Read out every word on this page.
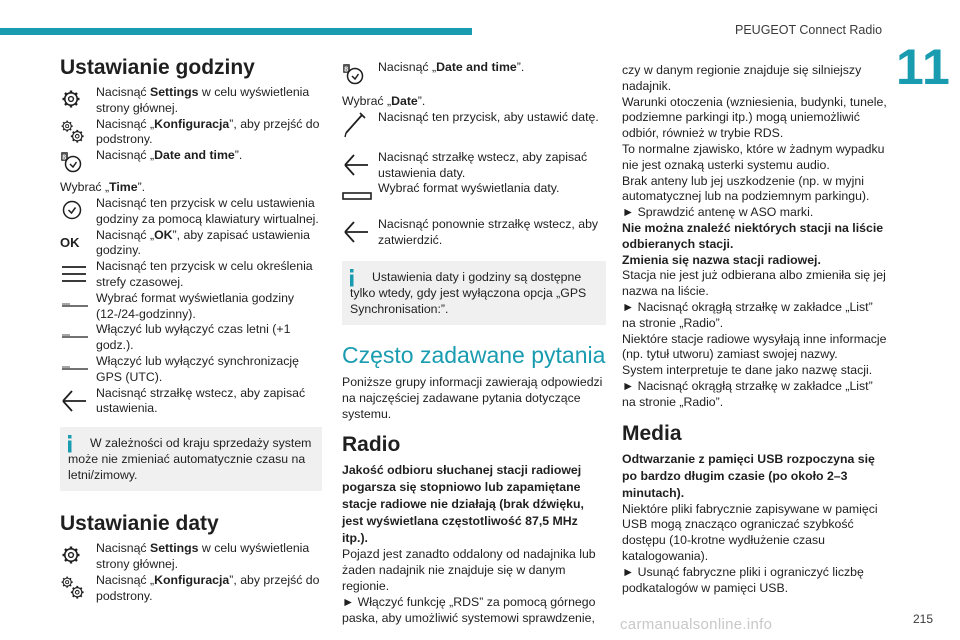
PEUGEOT Connect Radio
11
carmanualsonline.info	215
Ustawianie godziny
Nacisnąć Settings w celu wyświetlenia strony głównej.
Nacisnąć „Konfiguracja”, aby przejść do podstrony.
Nacisnąć „Date and time”.

Wybrać „Time”.

Nacisnąć ten przycisk w celu ustawienia godziny za pomocą klawiatury wirtualnej.
OK
Nacisnąć „OK”, aby zapisać ustawienia godziny.
Nacisnąć ten przycisk w celu określenia strefy czasowej.
Wybrać format wyświetlania godziny (12-/24-godzinny).
Włączyć lub wyłączyć czas letni (+1 godz.).
Włączyć lub wyłączyć synchronizację GPS (UTC).
Nacisnąć strzałkę wstecz, aby zapisać ustawienia.
W zależności od kraju sprzedaży system może nie zmieniać automatycznie czasu na letni/zimowy.
Ustawianie daty
Nacisnąć Settings w celu wyświetlenia strony głównej.
Nacisnąć „Konfiguracja”, aby przejść do podstrony.
Nacisnąć „Date and time”.

Wybrać „Date”.

Nacisnąć ten przycisk, aby ustawić datę.
Nacisnąć strzałkę wstecz, aby zapisać ustawienia daty.
Wybrać format wyświetlania daty.
Nacisnąć ponownie strzałkę wstecz, aby zatwierdzić.
Ustawienia daty i godziny są dostępne tylko wtedy, gdy jest wyłączona opcja „GPS Synchronisation:”.
Często zadawane pytania

Poniższe grupy informacji zawierają odpowiedzi na najczęściej zadawane pytania dotyczące systemu.

Radio

Jakość odbioru słuchanej stacji radiowej pogarsza się stopniowo lub zapamiętane stacje radiowe nie działają (brak dźwięku, jest wyświetlana częstotliwość 87,5 MHz itp.).

Pojazd jest zanadto oddalony od nadajnika lub żaden nadajnik nie znajduje się w danym regionie.

► Włączyć funkcję „RDS” za pomocą górnego paska, aby umożliwić systemowi sprawdzenie,

czy w danym regionie znajduje się silniejszy nadajnik.

Warunki otoczenia (wzniesienia, budynki, tunele, podziemne parkingi itp.) mogą uniemożliwić odbiór, również w trybie RDS.

To normalne zjawisko, które w żadnym wypadku nie jest oznaką usterki systemu audio.

Brak anteny lub jej uszkodzenie (np. w myjni automatycznej lub na podziemnym parkingu).

► Sprawdzić antenę w ASO marki.

Nie można znaleźć niektórych stacji na liście odbieranych stacji.

Zmienia się nazwa stacji radiowej.

Stacja nie jest już odbierana albo zmieniła się jej nazwa na liście.

► Nacisnąć okrągłą strzałkę w zakładce „List” na stronie „Radio”.

Niektóre stacje radiowe wysyłają inne informacje (np. tytuł utworu) zamiast swojej nazwy.

System interpretuje te dane jako nazwę stacji.

► Nacisnąć okrągłą strzałkę w zakładce „List” na stronie „Radio”.

Media

Odtwarzanie z pamięci USB rozpoczyna się po bardzo długim czasie (po około 2–3 minutach).

Niektóre pliki fabrycznie zapisywane w pamięci USB mogą znacząco ograniczać szybkość dostępu (10-krotne wydłużenie czasu katalogowania).

► Usunąć fabryczne pliki i ograniczyć liczbę podkatalogów w pamięci USB.
